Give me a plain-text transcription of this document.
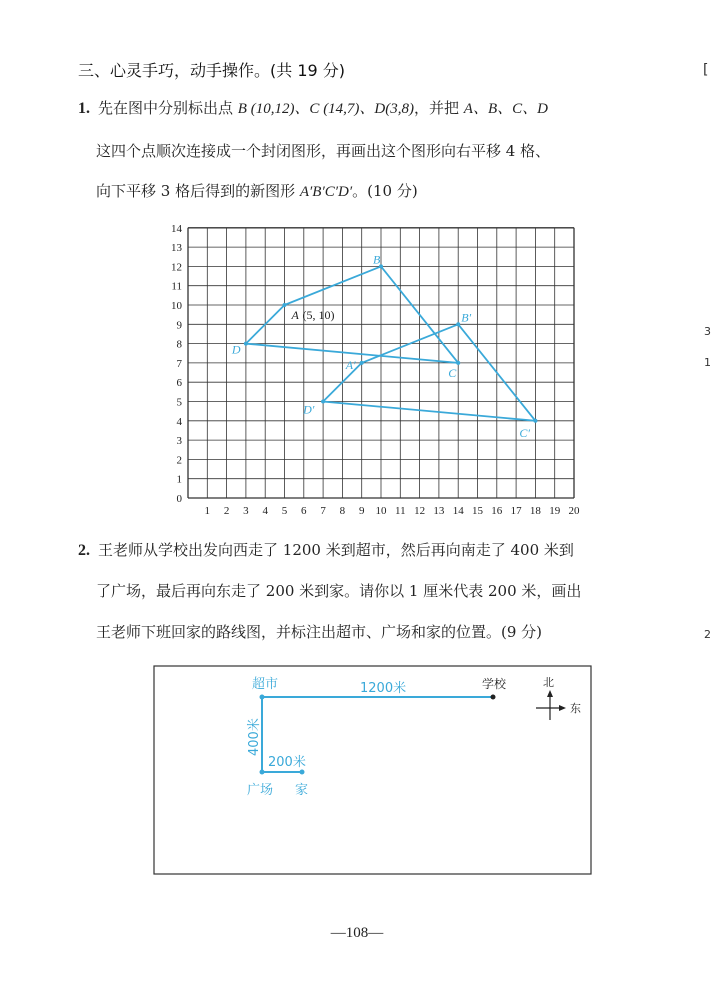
三、心灵手巧，动手操作。(共 19 分)
1. 先在图中分别标出点 B (10,12)、C (14,7)、D(3,8)，并把 A、B、C、D
这四个点顺次连接成一个封闭图形，再画出这个图形向右平移 4 格、
向下平移 3 格后得到的新图形 A′B′C′D′。(10 分)
1 2 3 4 5 6 7 8 9 10 11 12 13 14 15 16 17 18 19 20
0
1
2
3
4
5
6
7
8
9
10
11
12
13
14
A
B
C
D
A′
B′
C′
D′
(5, 10)
2. 王老师从学校出发向西走了 1200 米到超市，然后再向南走了 400 米到
了广场，最后再向东走了 200 米到家。请你以 1 厘米代表 200 米，画出
王老师下班回家的路线图，并标注出超市、广场和家的位置。(9 分)
超市	1200米	学校
400米
200米
广场 家
北
东
—108—
[
3
1
2
